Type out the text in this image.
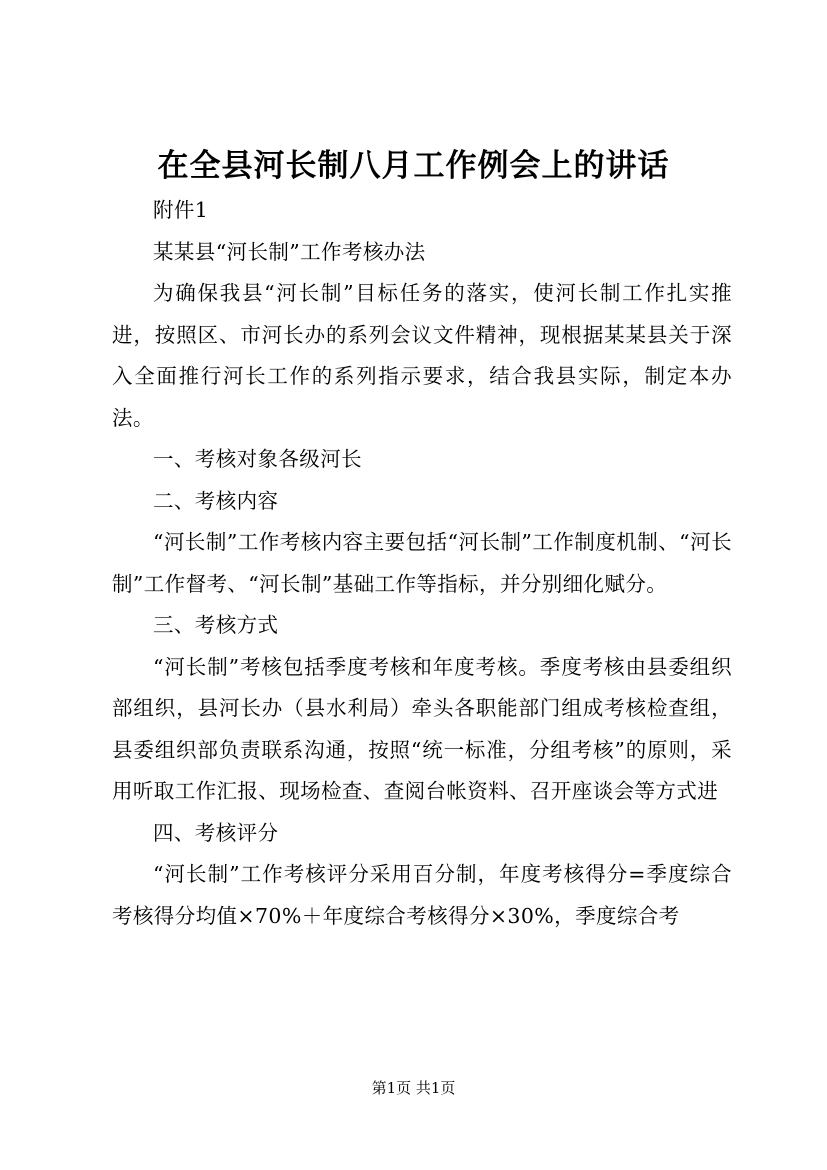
在全县河长制八月工作例会上的讲话

附件1

某某县“河长制”工作考核办法

为确保我县“河长制”目标任务的落实，使河长制工作扎实推进，按照区、市河长办的系列会议文件精神，现根据某某县关于深入全面推行河长工作的系列指示要求，结合我县实际，制定本办法。

一、考核对象各级河长

二、考核内容

“河长制”工作考核内容主要包括“河长制”工作制度机制、“河长制”工作督考、“河长制”基础工作等指标，并分别细化赋分。

三、考核方式

“河长制”考核包括季度考核和年度考核。季度考核由县委组织部组织，县河长办（县水利局）牵头各职能部门组成考核检查组，县委组织部负责联系沟通，按照“统一标准，分组考核”的原则，采用听取工作汇报、现场检查、查阅台帐资料、召开座谈会等方式进

四、考核评分

“河长制”工作考核评分采用百分制，年度考核得分=季度综合考核得分均值×70%＋年度综合考核得分×30%，季度综合考

第1页 共1页
